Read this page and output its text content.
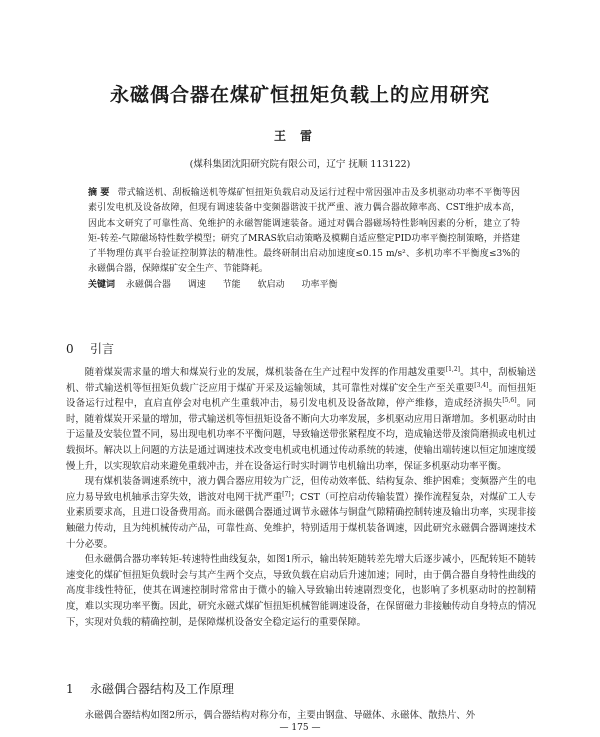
永磁偶合器在煤矿恒扭矩负载上的应用研究
王雷
(煤科集团沈阳研究院有限公司，辽宁 抚顺 113122)
摘 要 带式输送机、刮板输送机等煤矿恒扭矩负载启动及运行过程中常因强冲击及多机驱动功率不平衡等因素引发电机及设备故障，但现有调速装备中变频器谐波干扰严重、液力偶合器故障率高、CST维护成本高，因此本文研究了可靠性高、免维护的永磁智能调速装备。通过对偶合器磁场特性影响因素的分析，建立了特矩-转差-气隙磁场特性数学模型；研究了MRAS软启动策略及模糊自适应整定PID功率平衡控制策略，并搭建了半物理仿真平台验证控制算法的精准性。最终研制出启动加速度≤0.15 m/s²、多机功率不平衡度≤3%的永磁偶合器，保障煤矿安全生产、节能降耗。
关键词 永磁偶合器 调速 节能 软启动 功率平衡
0 引言

随着煤炭需求量的增大和煤炭行业的发展，煤机装备在生产过程中发挥的作用越发重要[1,2]。其中，刮板输送机、带式输送机等恒扭矩负载广泛应用于煤矿开采及运输领域，其可靠性对煤矿安全生产至关重要[3,4]。而恒扭矩设备运行过程中，直启直停会对电机产生重载冲击，易引发电机及设备故障，停产维修，造成经济损失[5,6]。同时，随着煤炭开采量的增加，带式输送机等恒扭矩设备不断向大功率发展，多机驱动应用日渐增加。多机驱动时由于运量及安装位置不同，易出现电机功率不平衡问题，导致输送带张紧程度不均，造成输送带及滚筒磨损或电机过载损坏。解决以上问题的方法是通过调速技术改变电机或电机通过传动系统的转速，使输出端转速以恒定加速度缓慢上升，以实现软启动来避免重载冲击，并在设备运行时实时调节电机输出功率，保证多机驱动功率平衡。

现有煤机装备调速系统中，液力偶合器应用较为广泛，但传动效率低、结构复杂、维护困难；变频器产生的电应力易导致电机轴承击穿失效，谐波对电网干扰严重[7]；CST（可控启动传输装置）操作流程复杂，对煤矿工人专业素质要求高，且进口设备费用高。而永磁偶合器通过调节永磁体与铜盘气隙精确控制转速及输出功率，实现非接触磁力传动，且为纯机械传动产品，可靠性高、免维护，特别适用于煤机装备调速，因此研究永磁偶合器调速技术十分必要。

但永磁偶合器功率转矩-转速特性曲线复杂，如图1所示，输出转矩随转差先增大后逐步减小，匹配转矩不随转速变化的煤矿恒扭矩负载时会与其产生两个交点，导致负载在启动后升速加速；同时，由于偶合器自身特性曲线的高度非线性特征，使其在调速控制时常常由于微小的输入导致输出转速剧烈变化，也影响了多机驱动时的控制精度，难以实现功率平衡。因此，研究永磁式煤矿恒扭矩机械智能调速设备，在保留磁力非接触传动自身特点的情况下，实现对负载的精确控制，是保障煤机设备安全稳定运行的重要保障。

1 永磁偶合器结构及工作原理
永磁偶合器结构如图2所示，偶合器结构对称分布，主要由钢盘、导磁体、永磁体、散热片、外
— 175 —
